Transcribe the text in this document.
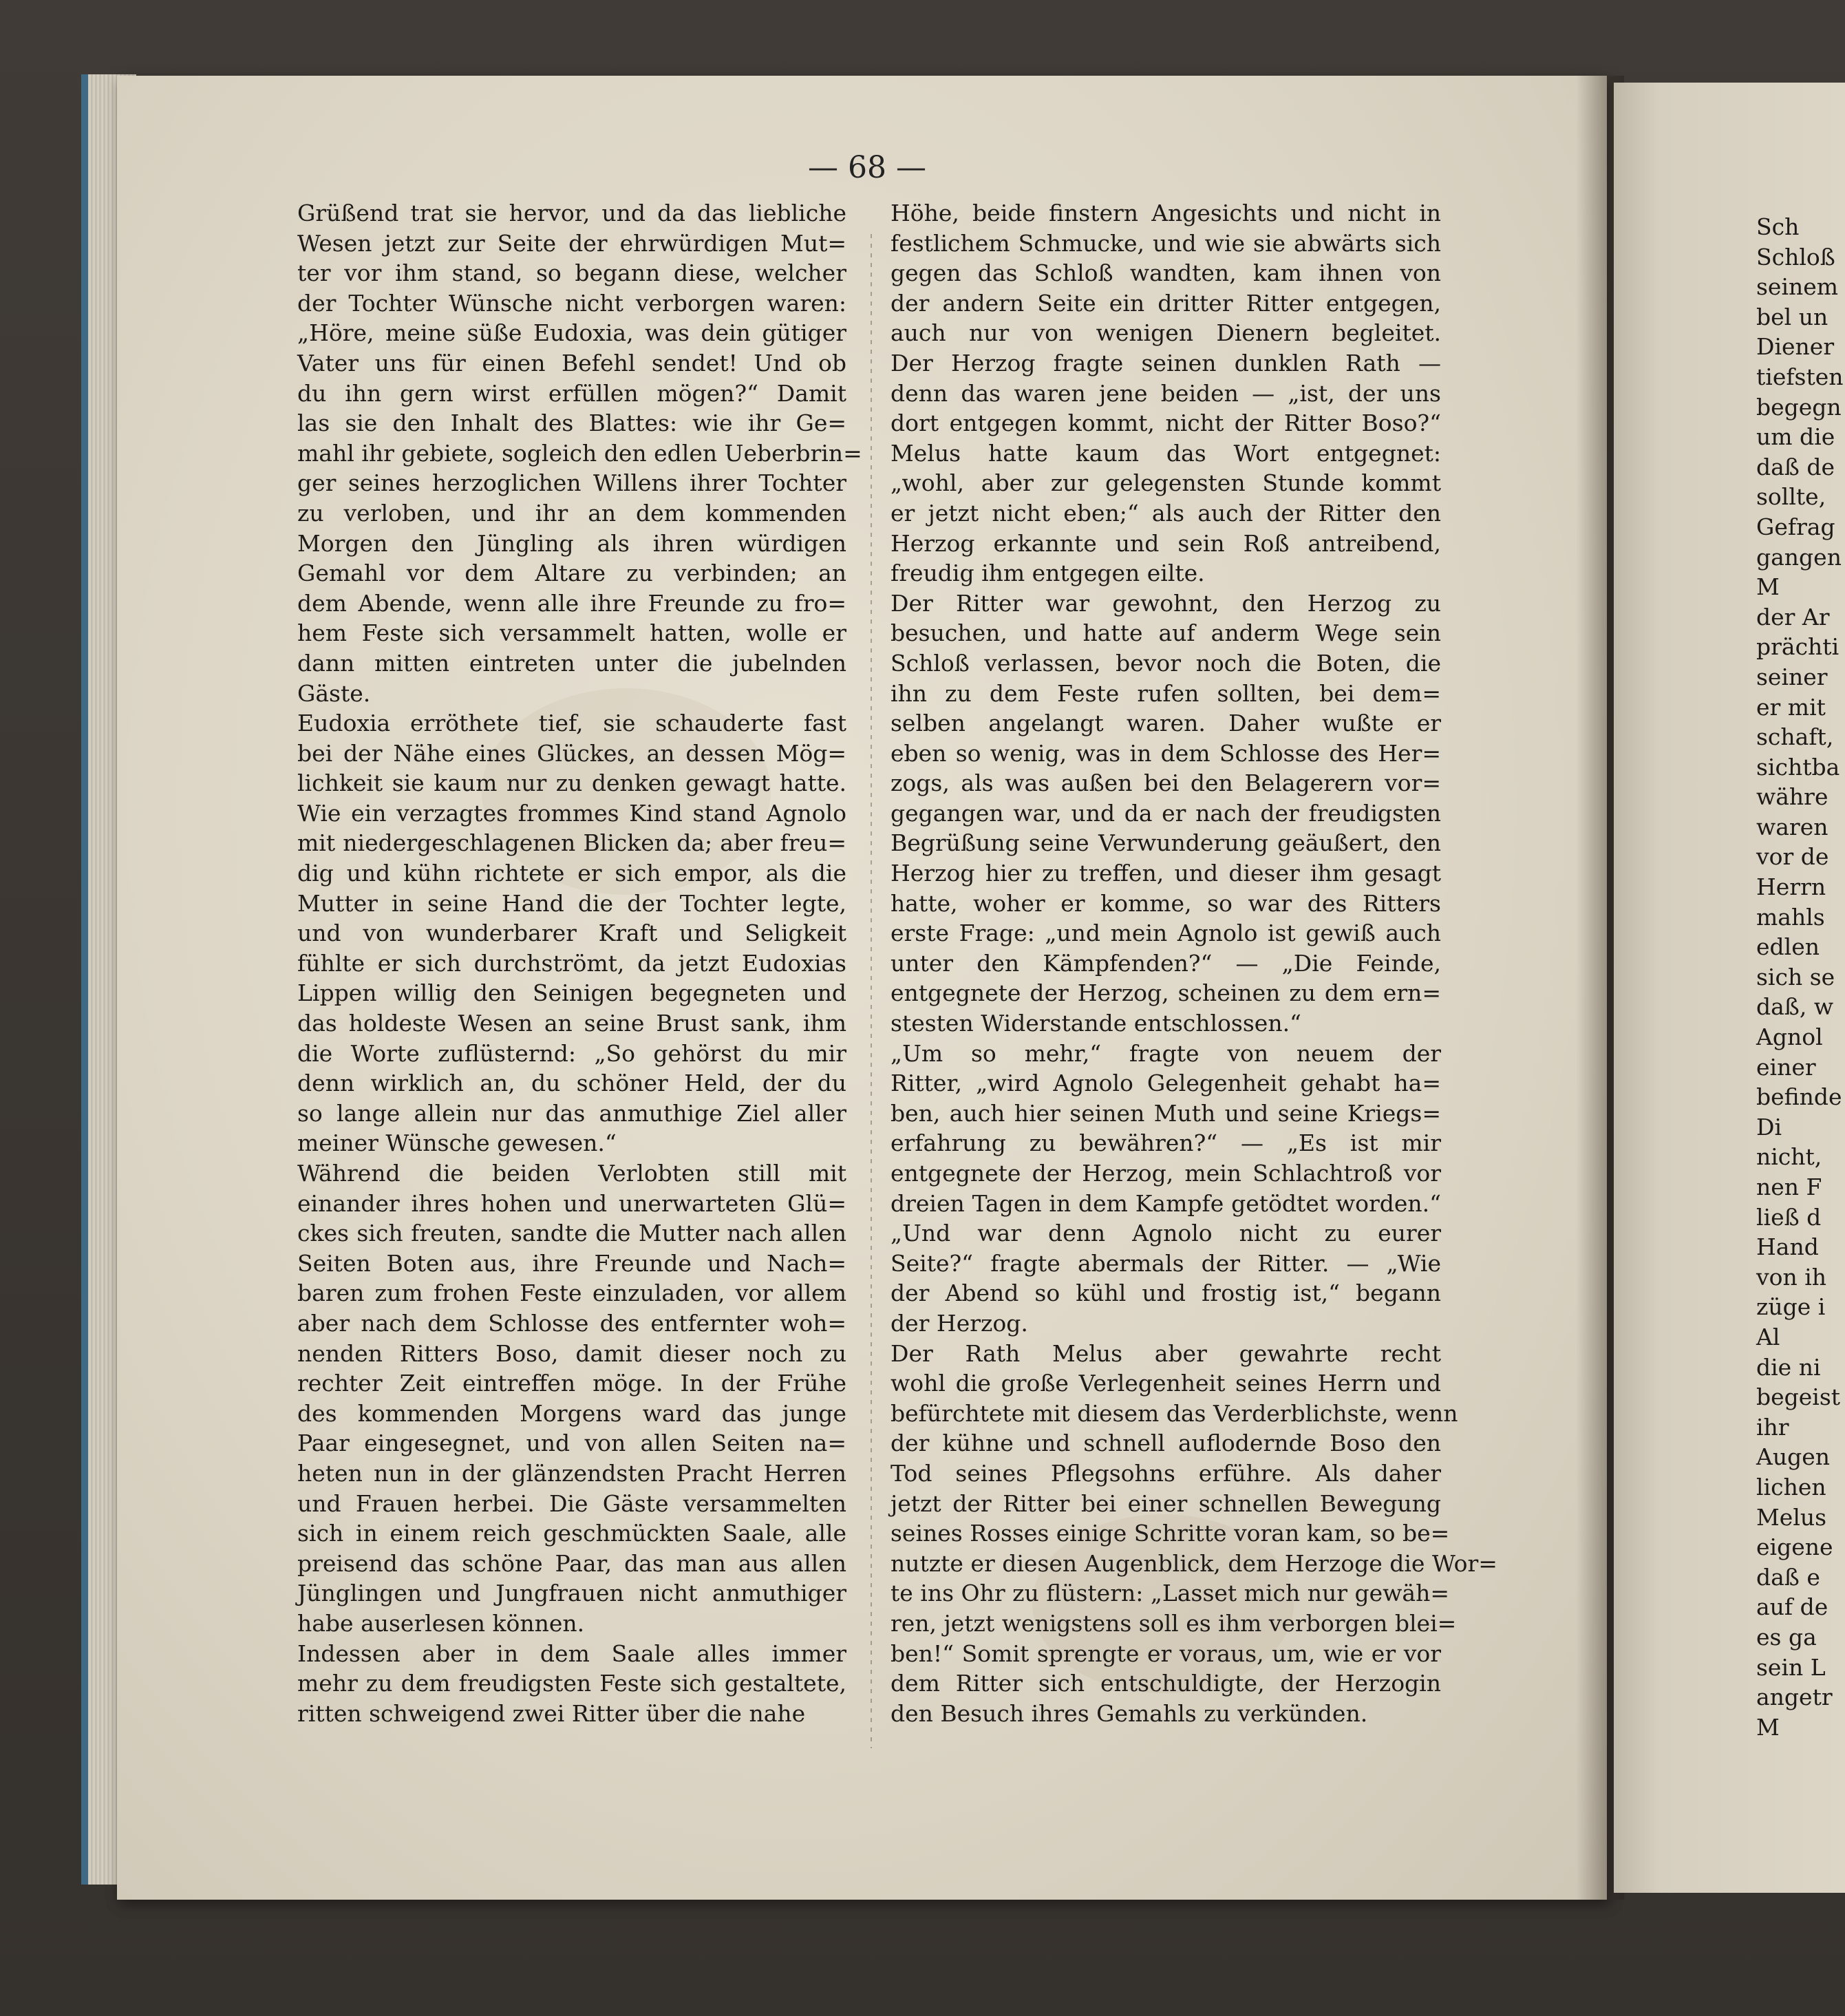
— 68 —
Grüßend trat sie hervor, und da das liebliche
Wesen jetzt zur Seite der ehrwürdigen Mut=
ter vor ihm stand, so begann diese, welcher
der Tochter Wünsche nicht verborgen waren:
„Höre, meine süße Eudoxia, was dein gütiger
Vater uns für einen Befehl sendet! Und ob
du ihn gern wirst erfüllen mögen?“ Damit
las sie den Inhalt des Blattes: wie ihr Ge=
mahl ihr gebiete, sogleich den edlen Ueberbrin=
ger seines herzoglichen Willens ihrer Tochter
zu verloben, und ihr an dem kommenden
Morgen den Jüngling als ihren würdigen
Gemahl vor dem Altare zu verbinden; an
dem Abende, wenn alle ihre Freunde zu fro=
hem Feste sich versammelt hatten, wolle er
dann mitten eintreten unter die jubelnden
Gäste.
Eudoxia erröthete tief, sie schauderte fast
bei der Nähe eines Glückes, an dessen Mög=
lichkeit sie kaum nur zu denken gewagt hatte.
Wie ein verzagtes frommes Kind stand Agnolo
mit niedergeschlagenen Blicken da; aber freu=
dig und kühn richtete er sich empor, als die
Mutter in seine Hand die der Tochter legte,
und von wunderbarer Kraft und Seligkeit
fühlte er sich durchströmt, da jetzt Eudoxias
Lippen willig den Seinigen begegneten und
das holdeste Wesen an seine Brust sank, ihm
die Worte zuflüsternd: „So gehörst du mir
denn wirklich an, du schöner Held, der du
so lange allein nur das anmuthige Ziel aller
meiner Wünsche gewesen.“
Während die beiden Verlobten still mit
einander ihres hohen und unerwarteten Glü=
ckes sich freuten, sandte die Mutter nach allen
Seiten Boten aus, ihre Freunde und Nach=
baren zum frohen Feste einzuladen, vor allem
aber nach dem Schlosse des entfernter woh=
nenden Ritters Boso, damit dieser noch zu
rechter Zeit eintreffen möge. In der Frühe
des kommenden Morgens ward das junge
Paar eingesegnet, und von allen Seiten na=
heten nun in der glänzendsten Pracht Herren
und Frauen herbei. Die Gäste versammelten
sich in einem reich geschmückten Saale, alle
preisend das schöne Paar, das man aus allen
Jünglingen und Jungfrauen nicht anmuthiger
habe auserlesen können.
Indessen aber in dem Saale alles immer
mehr zu dem freudigsten Feste sich gestaltete,
ritten schweigend zwei Ritter über die nahe
Höhe, beide finstern Angesichts und nicht in
festlichem Schmucke, und wie sie abwärts sich
gegen das Schloß wandten, kam ihnen von
der andern Seite ein dritter Ritter entgegen,
auch nur von wenigen Dienern begleitet.
Der Herzog fragte seinen dunklen Rath —
denn das waren jene beiden — „ist, der uns
dort entgegen kommt, nicht der Ritter Boso?“
Melus hatte kaum das Wort entgegnet:
„wohl, aber zur gelegensten Stunde kommt
er jetzt nicht eben;“ als auch der Ritter den
Herzog erkannte und sein Roß antreibend,
freudig ihm entgegen eilte.
Der Ritter war gewohnt, den Herzog zu
besuchen, und hatte auf anderm Wege sein
Schloß verlassen, bevor noch die Boten, die
ihn zu dem Feste rufen sollten, bei dem=
selben angelangt waren. Daher wußte er
eben so wenig, was in dem Schlosse des Her=
zogs, als was außen bei den Belagerern vor=
gegangen war, und da er nach der freudigsten
Begrüßung seine Verwunderung geäußert, den
Herzog hier zu treffen, und dieser ihm gesagt
hatte, woher er komme, so war des Ritters
erste Frage: „und mein Agnolo ist gewiß auch
unter den Kämpfenden?“ — „Die Feinde,
entgegnete der Herzog, scheinen zu dem ern=
stesten Widerstande entschlossen.“
„Um so mehr,“ fragte von neuem der
Ritter, „wird Agnolo Gelegenheit gehabt ha=
ben, auch hier seinen Muth und seine Kriegs=
erfahrung zu bewähren?“ — „Es ist mir
entgegnete der Herzog, mein Schlachtroß vor
dreien Tagen in dem Kampfe getödtet worden.“
„Und war denn Agnolo nicht zu eurer
Seite?“ fragte abermals der Ritter. — „Wie
der Abend so kühl und frostig ist,“ begann
der Herzog.
Der Rath Melus aber gewahrte recht
wohl die große Verlegenheit seines Herrn und
befürchtete mit diesem das Verderblichste, wenn
der kühne und schnell auflodernde Boso den
Tod seines Pflegsohns erführe. Als daher
jetzt der Ritter bei einer schnellen Bewegung
seines Rosses einige Schritte voran kam, so be=
nutzte er diesen Augenblick, dem Herzoge die Wor=
te ins Ohr zu flüstern: „Lasset mich nur gewäh=
ren, jetzt wenigstens soll es ihm verborgen blei=
ben!“ Somit sprengte er voraus, um, wie er vor
dem Ritter sich entschuldigte, der Herzogin
den Besuch ihres Gemahls zu verkünden.
Sch
Schloß
seinem
bel un
Diener
tiefsten
begegn
um die
daß de
sollte,
Gefrag
gangen
M
der Ar
prächti
seiner
er mit
schaft,
sichtba
währe
waren
vor de
Herrn
mahls
edlen
sich se
daß, w
Agnol
einer
befinde
Di
nicht,
nen F
ließ d
Hand
von ih
züge i
Al
die ni
begeist
ihr
Augen
lichen
Melus
eigene
daß e
auf de
es ga
sein L
angetr
M
